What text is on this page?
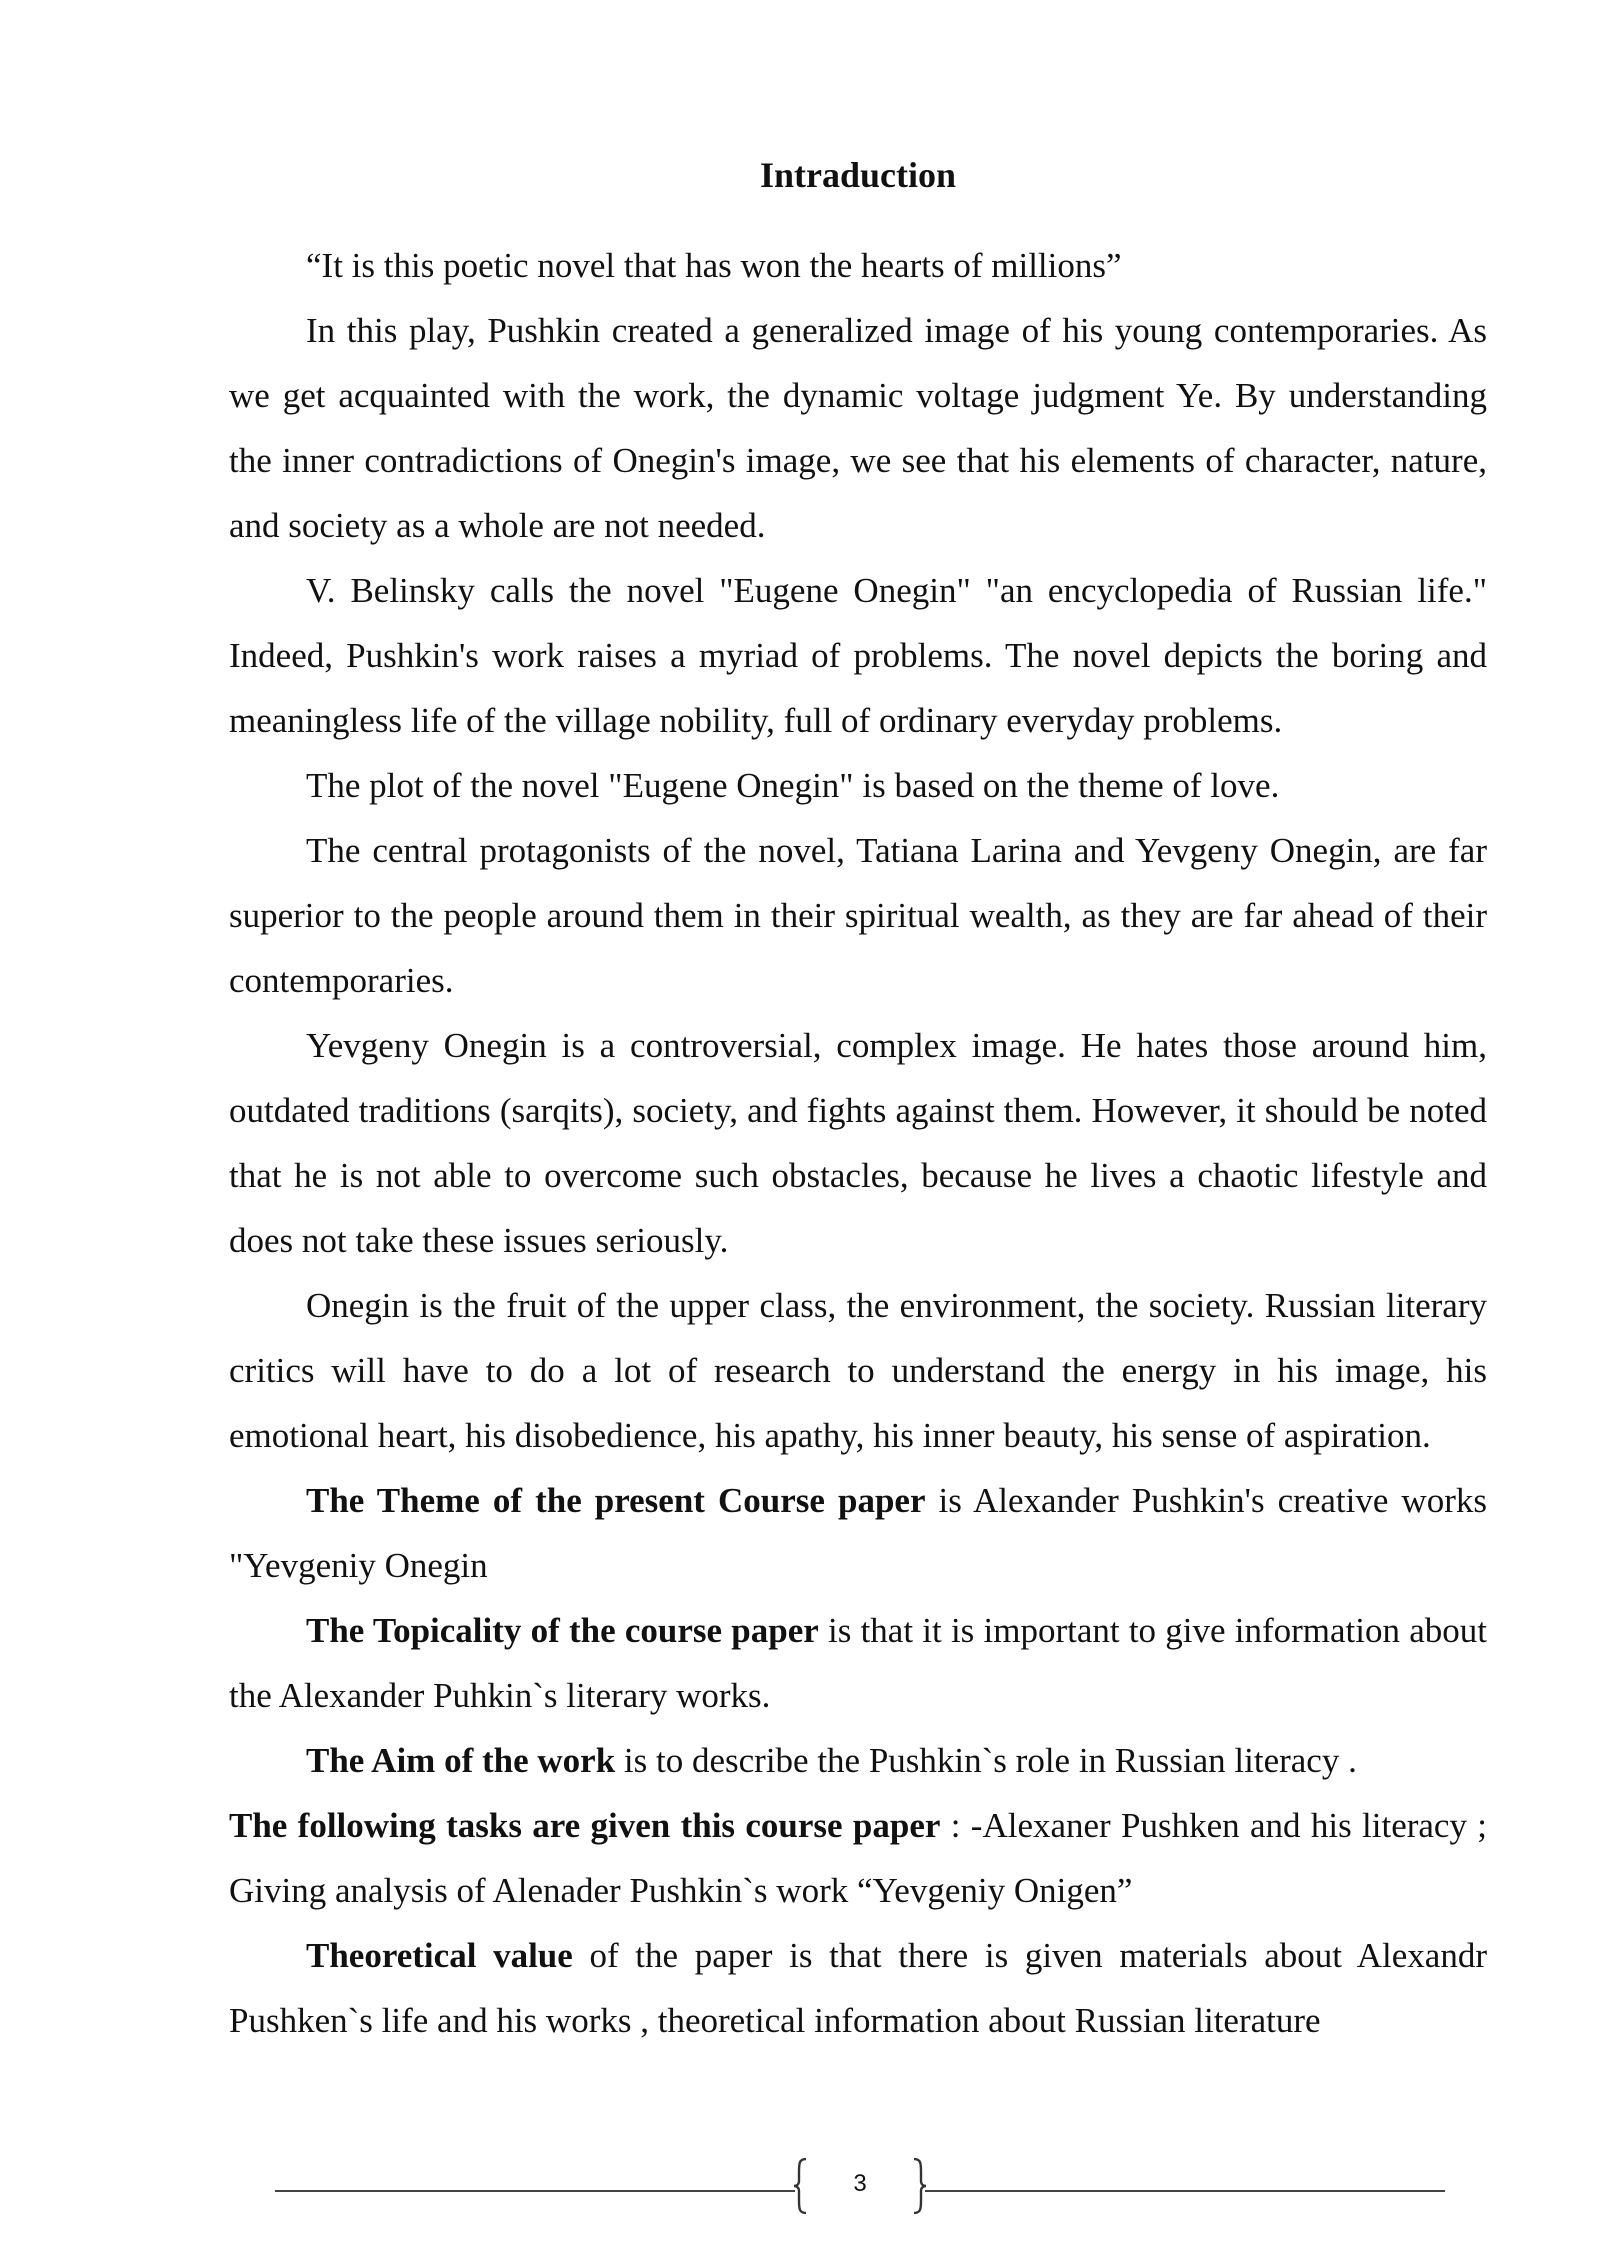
Intraduction

“It is this poetic novel that has won the hearts of millions”

In this play, Pushkin created a generalized image of his young contemporaries. As we get acquainted with the work, the dynamic voltage judgment Ye. By understanding the inner contradictions of Onegin's image, we see that his elements of character, nature, and society as a whole are not needed.

V. Belinsky calls the novel "Eugene Onegin" "an encyclopedia of Russian life." Indeed, Pushkin's work raises a myriad of problems. The novel depicts the boring and meaningless life of the village nobility, full of ordinary everyday problems.

The plot of the novel "Eugene Onegin" is based on the theme of love.

The central protagonists of the novel, Tatiana Larina and Yevgeny Onegin, are far superior to the people around them in their spiritual wealth, as they are far ahead of their contemporaries.

Yevgeny Onegin is a controversial, complex image. He hates those around him, outdated traditions (sarqits), society, and fights against them. However, it should be noted that he is not able to overcome such obstacles, because he lives a chaotic lifestyle and does not take these issues seriously.

Onegin is the fruit of the upper class, the environment, the society. Russian literary critics will have to do a lot of research to understand the energy in his image, his emotional heart, his disobedience, his apathy, his inner beauty, his sense of aspiration.

The Theme of the present Course paper is Alexander Pushkin's creative works "Yevgeniy Onegin

The Topicality of the course paper is that it is important to give information about the Alexander Puhkin`s literary works.

The Aim of the work is to describe the Pushkin`s role in Russian literacy .

The following tasks are given this course paper : -Alexaner Pushken and his literacy ; Giving analysis of Alenader Pushkin`s work “Yevgeniy Onigen”

Theoretical value of the paper is that there is given materials about Alexandr Pushken`s life and his works , theoretical information about Russian literature

3
